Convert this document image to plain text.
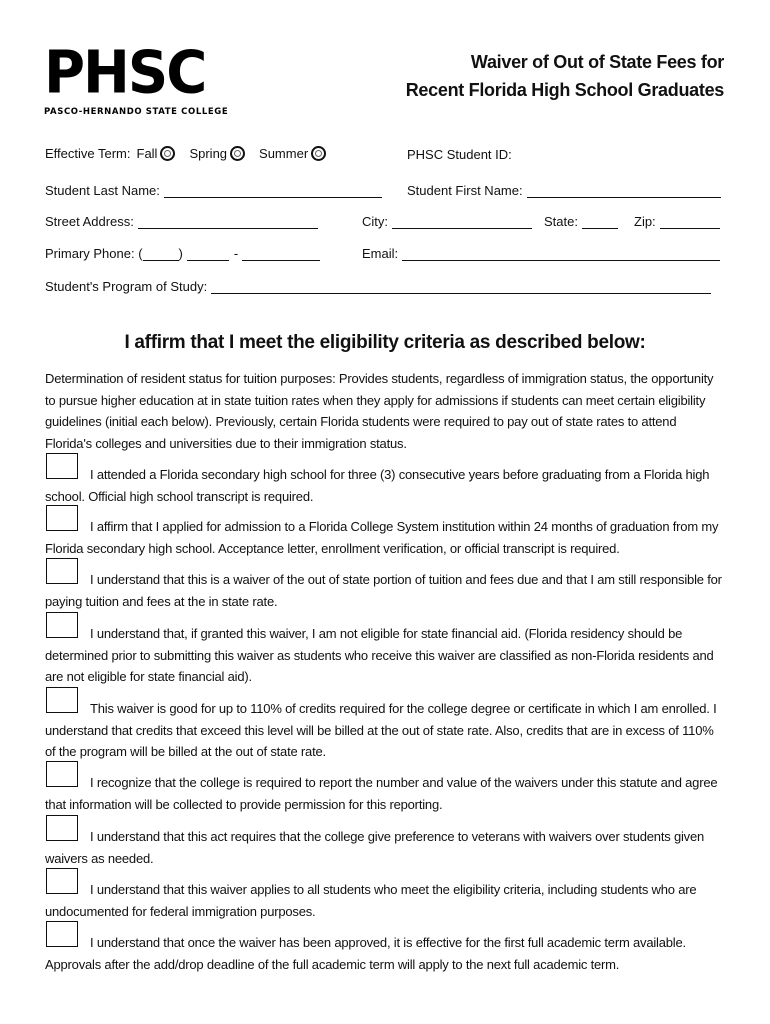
PHSC
PASCO-HERNANDO STATE COLLEGE
Waiver of Out of State Fees for
Recent Florida High School Graduates
Effective Term: Fall Spring Summer	PHSC Student ID:
Student Last Name:	Student First Name:
Street Address:	City:	State:	Zip:
Primary Phone: (	)	-	Email:
Student's Program of Study:
I affirm that I meet the eligibility criteria as described below:

Determination of resident status for tuition purposes: Provides students, regardless of immigration status, the opportunity to pursue higher education at in state tuition rates when they apply for admissions if students can meet certain eligibility guidelines (initial each below). Previously, certain Florida students were required to pay out of state rates to attend Florida's colleges and universities due to their immigration status.

I attended a Florida secondary high school for three (3) consecutive years before graduating from a Florida high school. Official high school transcript is required.

I affirm that I applied for admission to a Florida College System institution within 24 months of graduation from my Florida secondary high school. Acceptance letter, enrollment verification, or official transcript is required.

I understand that this is a waiver of the out of state portion of tuition and fees due and that I am still responsible for paying tuition and fees at the in state rate.

I understand that, if granted this waiver, I am not eligible for state financial aid. (Florida residency should be determined prior to submitting this waiver as students who receive this waiver are classified as non-Florida residents and are not eligible for state financial aid).

This waiver is good for up to 110% of credits required for the college degree or certificate in which I am enrolled. I understand that credits that exceed this level will be billed at the out of state rate. Also, credits that are in excess of 110% of the program will be billed at the out of state rate.

I recognize that the college is required to report the number and value of the waivers under this statute and agree that information will be collected to provide permission for this reporting.

I understand that this act requires that the college give preference to veterans with waivers over students given waivers as needed.

I understand that this waiver applies to all students who meet the eligibility criteria, including students who are undocumented for federal immigration purposes.

I understand that once the waiver has been approved, it is effective for the first full academic term available. Approvals after the add/drop deadline of the full academic term will apply to the next full academic term.
